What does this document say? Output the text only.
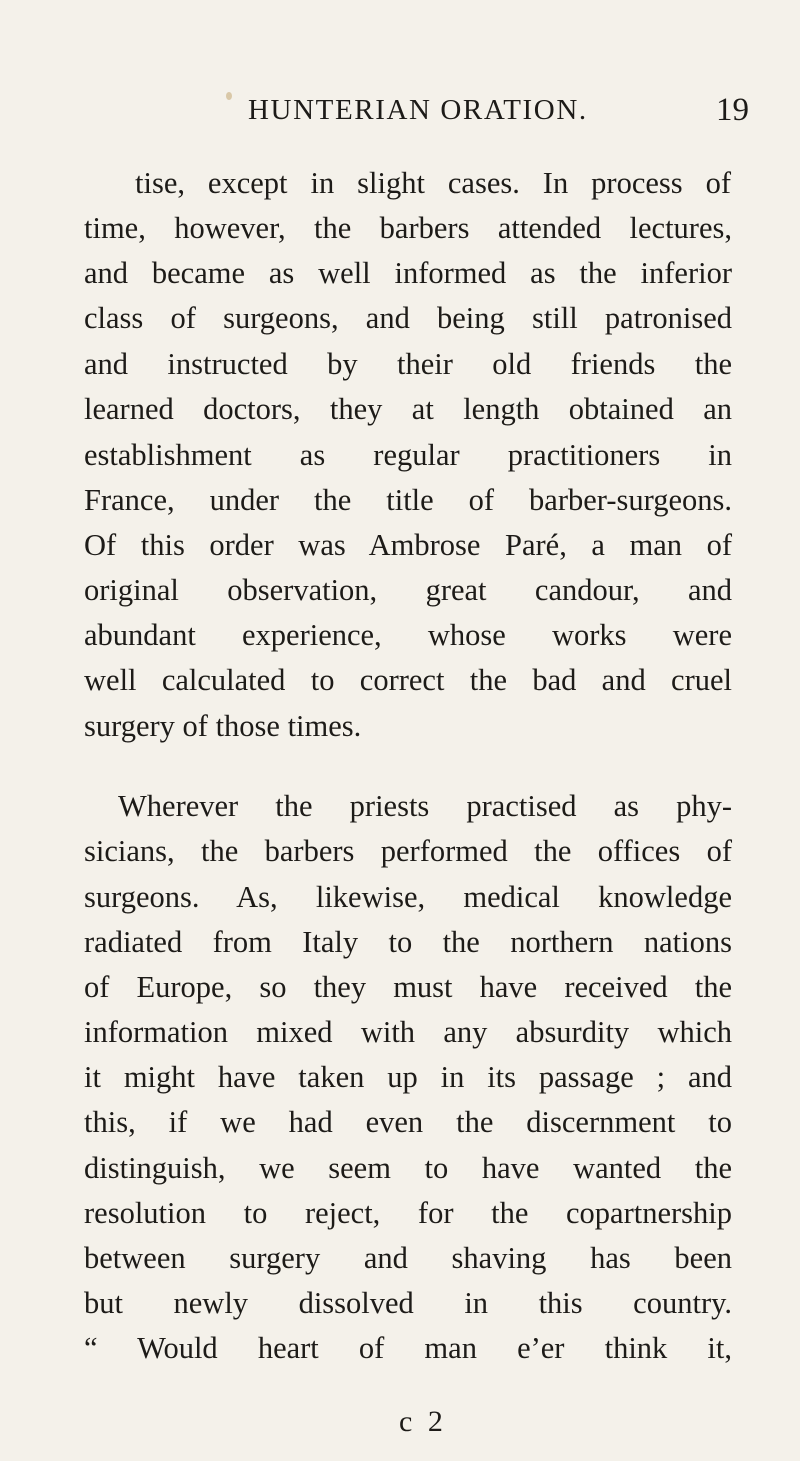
HUNTERIAN ORATION.	19
tise, except in slight cases. In process of
time, however, the barbers attended lectures,
and became as well informed as the inferior
class of surgeons, and being still patronised
and instructed by their old friends the
learned doctors, they at length obtained an
establishment as regular practitioners in
France, under the title of barber-surgeons.
Of this order was Ambrose Paré, a man of
original observation, great candour, and
abundant experience, whose works were
well calculated to correct the bad and cruel
surgery of those times.
Wherever the priests practised as phy-
sicians, the barbers performed the offices of
surgeons. As, likewise, medical knowledge
radiated from Italy to the northern nations
of Europe, so they must have received the
information mixed with any absurdity which
it might have taken up in its passage ; and
this, if we had even the discernment to
distinguish, we seem to have wanted the
resolution to reject, for the copartnership
between surgery and shaving has been
but newly dissolved in this country.
“ Would heart of man e’er think it,
c 2
